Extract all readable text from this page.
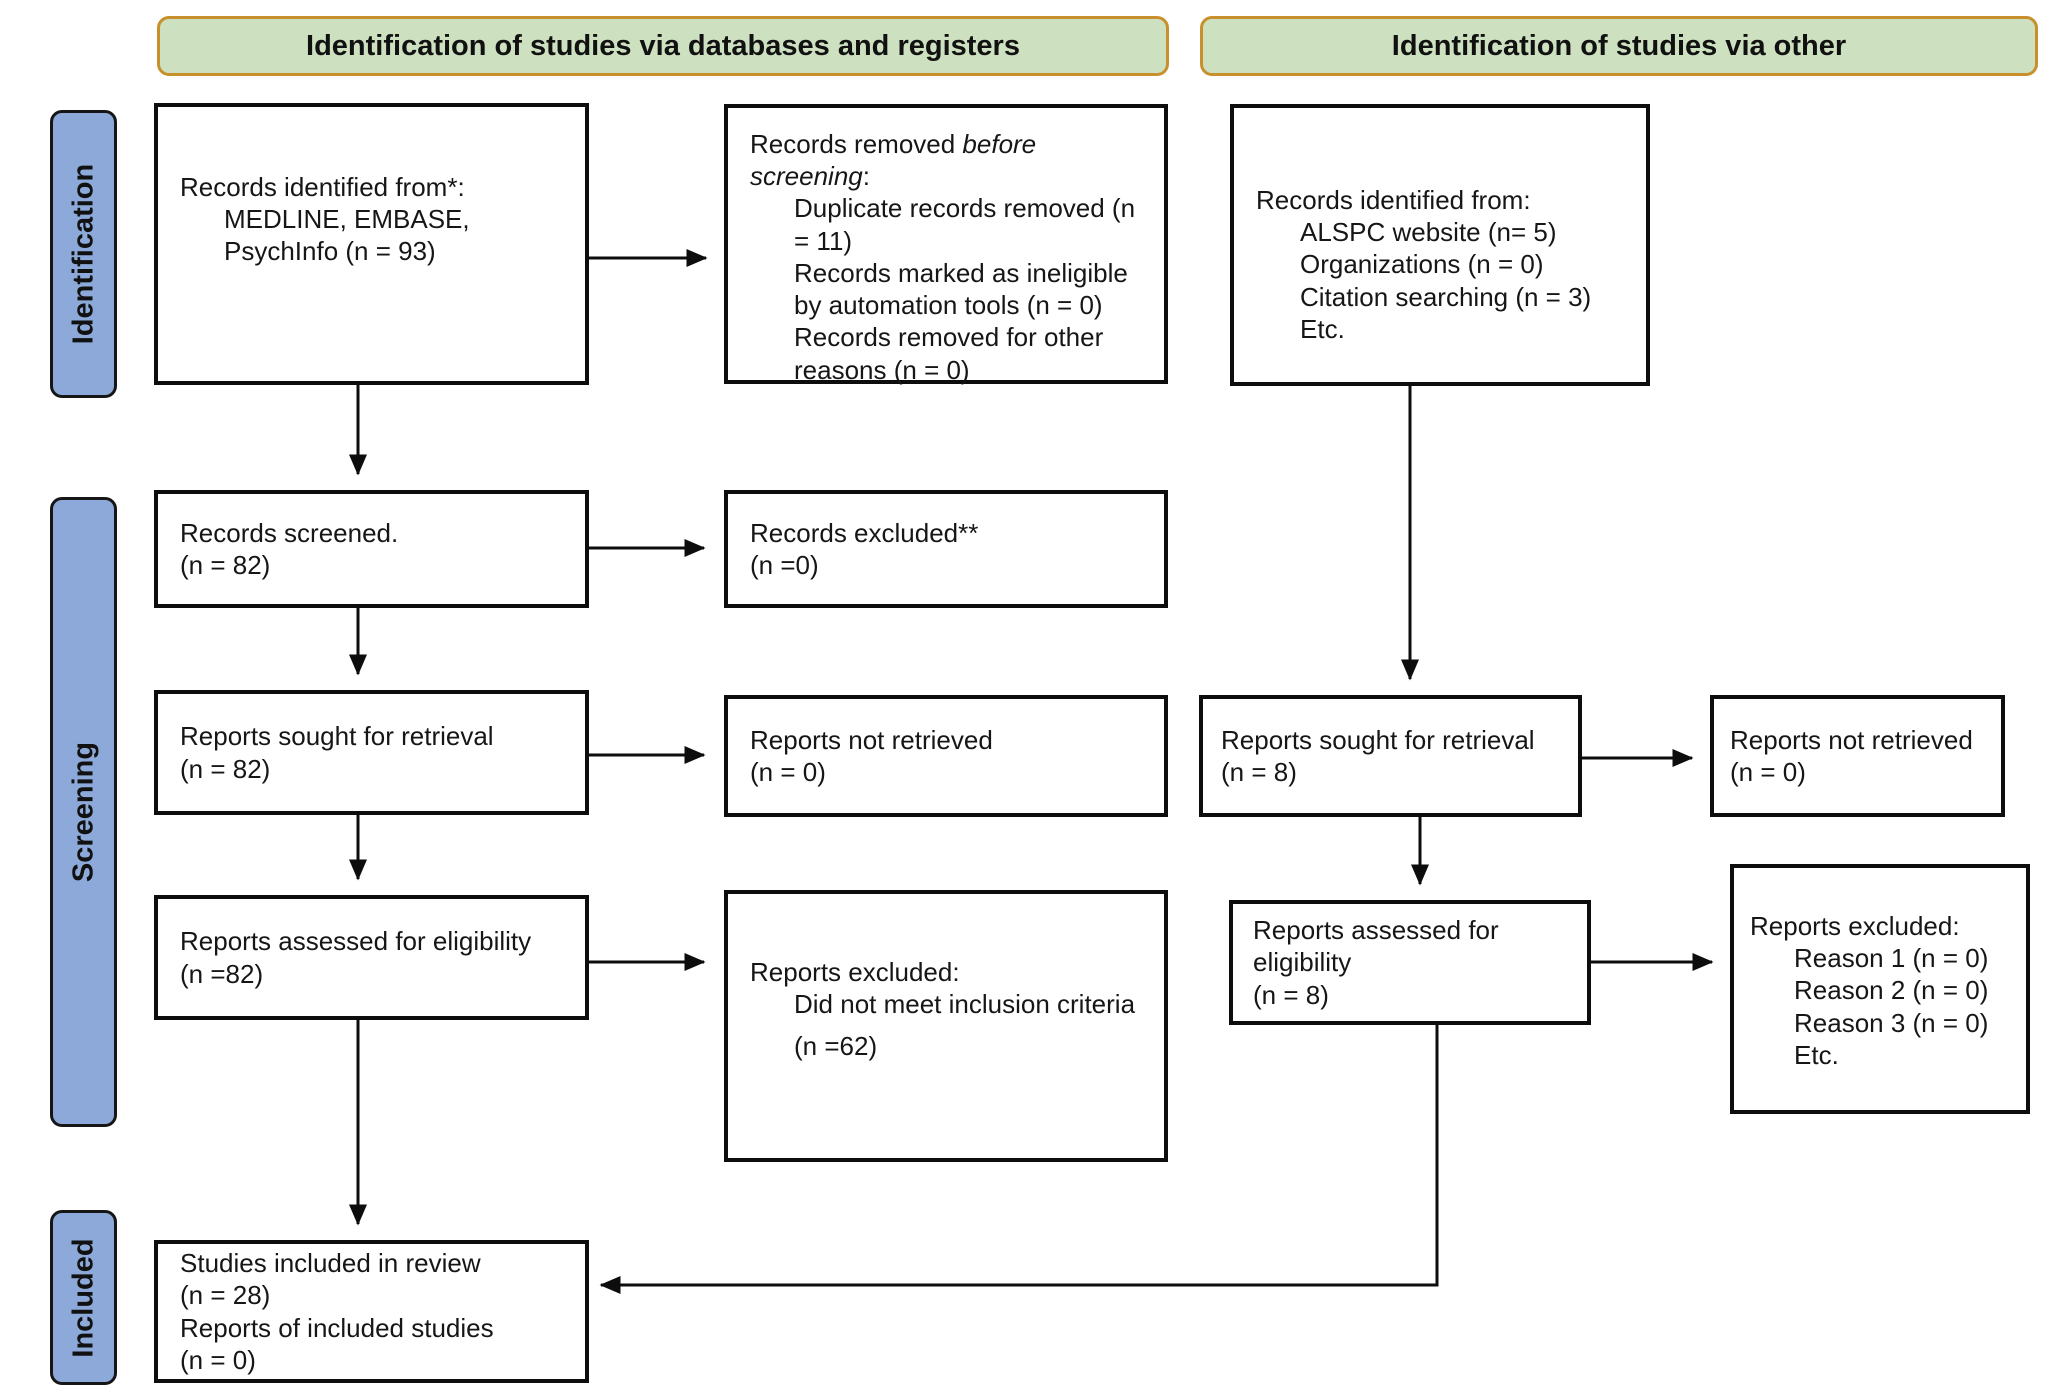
Identification of studies via databases and registers	Identification of studies via other
Identification
Screening
Included
Records identified from*:
MEDLINE, EMBASE,
PsychInfo (n = 93)
Records screened.
(n = 82)
Reports sought for retrieval
(n = 82)
Reports assessed for eligibility
(n =82)
Studies included in review
(n = 28)
Reports of included studies
(n = 0)
Records removed before screening:
Duplicate records removed (n = 11)
Records marked as ineligible by automation tools (n = 0)
Records removed for other reasons (n = 0)
Records excluded**
(n =0)
Reports not retrieved
(n = 0)
Reports excluded:
Did not meet inclusion criteria
(n =62)
Records identified from:
ALSPC website (n= 5)
Organizations (n = 0)
Citation searching (n = 3)
Etc.
Reports sought for retrieval
(n = 8)
Reports assessed for eligibility
(n = 8)
Reports not retrieved
(n = 0)
Reports excluded:
Reason 1 (n = 0)
Reason 2 (n = 0)
Reason 3 (n = 0)
Etc.
